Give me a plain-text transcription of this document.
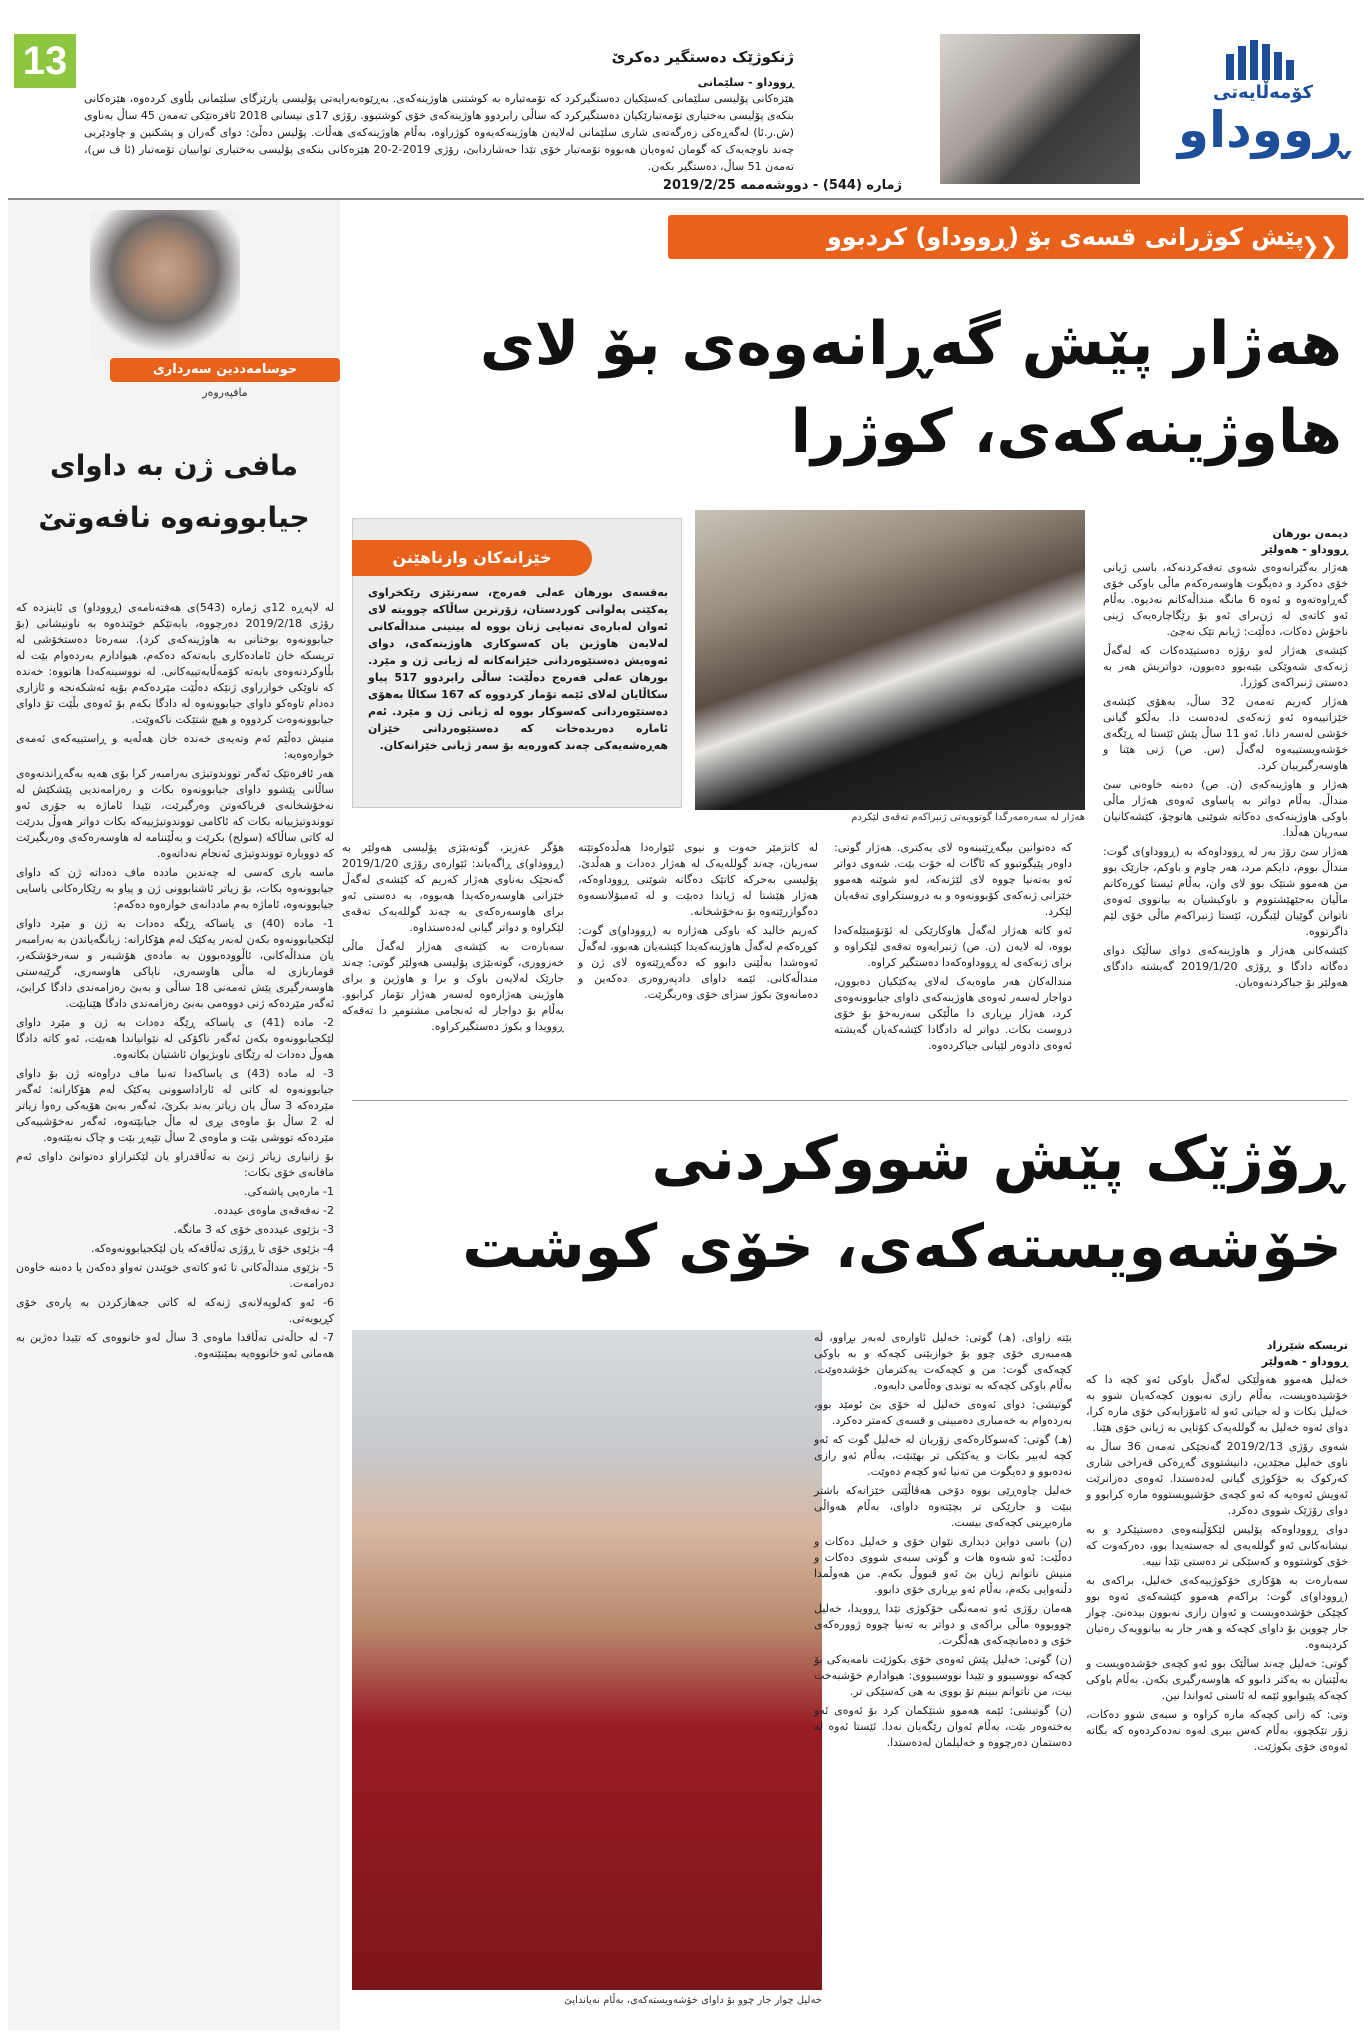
13
کۆمەڵایەتی
ڕووداو
ژمارە (544) - دووشەممە 2019/2/25
ژنکوژێک دەستگیر دەکرێ
ڕووداو - سلێمانی
هێزەکانی پۆلیسی سلێمانی کەسێکیان دەستگیرکرد کە تۆمەتبارە بە کوشتنی هاوژینەکەی. بەڕێوەبەرایەتی پۆلیسی پارێزگای سلێمانی بڵاوی کردەوە، هێزەکانی بنکەی پۆلیسی بەختیاری تۆمەتبارێکیان دەستگیرکرد کە ساڵی رابردوو هاوژینەکەی خۆی کوشتبوو. رۆژی 17ی نیسانی 2018 ئافرەتێکی تەمەن 45 ساڵ بەناوی (ش.ر.ئا) لەگەڕەکی زەرگەتەی شاری سلێمانی لەلایەن هاوژینەکەیەوە کوژراوە، بەڵام هاوژینەکەی هەڵات. پۆلیس دەڵێ: دوای گەران و پشکنین و چاودێریی چەند ناوچەیەک کە گومان ئەوەیان ھەبووە تۆمەتبار خۆی تێدا حەشاردابێ، رۆژی 2019-2-20 هێزەکانی بنکەی پۆلیسی بەختیاری توانییان تۆمەتبار (ئا ف س)، تەمەن 51 ساڵ، دەستگیر بکەن.
حوسامەددین سەرداری
مافپەروەر
مافی ژن بە داوای جیابوونەوە نافەوتێ

لە لاپەڕە 12ی ژمارە (543)ی هەفتەنامەی (ڕووداو) ی ئاینزدە کە رۆژی 2019/2/18 دەرچووە، بابەتێکم خوێندەوە بە ناونیشانی (بۆ جیابوونەوە بوختانی بە هاوژینەکەی کرد). سەرەتا دەستخۆشی لە تریسکە خان ئامادەکاری بابەتەکە دەکەم، هیوادارم بەردەوام بێت لە بڵاوکردنەوەی بابەتە کۆمەڵایەتییەکانی. لە نووسینەکەدا هاتووە: خەندە کە ناوێکی خوازراوی ژنێکە دەڵێت مێردەکەم بۆیە ئەشکەنجە و ئازاری دەدام تاوەکو داوای جیابوونەوە لە دادگا بکەم بۆ ئەوەی بڵێت تۆ داوای جیابوونەوەت کردووە و هیچ شتێکت ناکەوێت.

منیش دەڵێم ئەم وتەیەی خەندە خان هەڵەیە و ڕاستییەکەی ئەمەی خوارەوەیە:

هەر ئافرەتێک ئەگەر تووندوتیژی بەرامبەر کرا بۆی هەیە بەگەڕاندنەوەی ساڵانی پێشوو داوای جیابوونەوە بکات و رەزامەندیی پێشکێش لە نەخۆشخانەی فریاکەوتن وەرگیرێت، تێیدا ئاماژە بە جۆری ئەو تووندوتیژییانە بکات کە ئاکامی تووندوتیژییەکە بکات دواتر هەوڵ بدرێت لە کاتی ساڵاکە (سولح) بکرێت و بەڵێننامە لە هاوسەرەکەی وەربگیرێت کە دووبارە تووندوتیژی ئەنجام نەداتەوە.

ماسە باری کەسی لە چەندین ماددە ماف دەداتە ژن کە داوای جیابوونەوە بکات، بۆ زیاتر ئاشنابوونی ژن و پیاو بە رێکارەکانی یاسایی جیابوونەوە، ئاماژە بەم ماددانەی خوارەوە دەکەم:

1- مادە (40) ی یاساکە ڕێگە دەدات بە ژن و مێرد داوای لێکجیابوونەوە بکەن لەبەر یەکێک لەم هۆکارانە: زیانگەیاندن بە بەرامبەر یان منداڵەکانی، ئاڵوودەبوون بە مادەی هۆشبەر و سەرخۆشکەر، قوماربازی لە ماڵی هاوسەری، ناپاکی هاوسەری، گرێبەستی هاوسەرگیری پێش تەمەنی 18 ساڵی و بەبێ رەزامەندی دادگا کرابێ، ئەگەر مێردەکە ژنی دووەمی بەبێ رەزامەندی دادگا هێنابێت.

2- مادە (41) ی یاساکە ڕێگە دەدات بە ژن و مێرد داوای لێکجیابوونەوە بکەن ئەگەر ناکۆکی لە نێوانیاندا هەبێت، ئەو کاتە دادگا هەوڵ دەدات لە رێگای ناوبژیوان ئاشتیان بکاتەوە.

3- لە مادە (43) ی یاساکەدا تەنیا ماف دراوەتە ژن بۆ داوای جیابوونەوە لە کاتی لە ئاراداسوونی یەکێک لەم هۆکارانە: ئەگەر مێردەکە 3 ساڵ یان زیاتر بەند بکرێ، ئەگەر بەبێ هۆیەکی رەوا زیاتر لە 2 ساڵ بۆ ماوەی بڕی لە ماڵ جیابێتەوە، ئەگەر نەخۆشییەکی مێردەکە تووشی بێت و ماوەی 2 ساڵ تێپەڕ بێت و چاک نەبێتەوە.

بۆ زانیاری زیاتر ژنێ بە تەڵاقدراو یان لێکترازاو دەتوانێ داوای ئەم مافانەی خۆی بکات:

1- مارەیی پاشەکی.

2- نەفەقەی ماوەی عیددە.

3- بژێوی عیددەی خۆی کە 3 مانگە.

4- بژێوی خۆی تا ڕۆژی تەڵاقەکە یان لێکجیابوونەوەکە.

5- بژێوی منداڵەکانی تا ئەو کاتەی خوێندن تەواو دەکەن یا دەبنە خاوەن دەرامەت.

6- ئەو کەلوپەلانەی ژنەکە لە کاتی جەهازکردن بە پارەی خۆی کڕیویەتی.

7- لە حاڵەتی تەڵاقدا ماوەی 3 ساڵ لەو خانووەی کە تێیدا دەژین بە هەمانی ئەو خانووەیە بمێنێتەوە.

❮❮
پێش کوژرانی قسەی بۆ (ڕووداو) کردبوو
هەژار پێش گەڕانەوەی بۆ لای هاوژینەکەی، کوژرا
هەژار لە سەرەمەرگدا گوتوویەتی ژنبراکەم تەقەی لێکردم
خێزانەکان وازناهێنن
بەقسەی بورهان عەلی فەرەج، سەرتێزی رێکخراوی یەکێتی پەلوانی کوردستان، زۆرترین ساڵاکە چوویتە لای ئەوان لەبارەی تەنیایی ژنان بووە لە بینینی منداڵەکانی لەلایەن هاوژین یان کەسوکاری هاوژینەکەی، دوای ئەوەیش دەستێوەردانی خێزانەکانە لە ژیانی ژن و مێرد. بورهان عەلی فەرەج دەڵێت: ساڵی رابردوو 517 پیاو سکاڵایان لەلای ئێمە تۆمار کردووە کە 167 سکاڵا بەهۆی دەستێوەردانی کەسوکار بووە لە ژیانی ژن و مێرد. ئەم ئامارە دەریدەخات کە دەستێوەردانی خێزان هەڕەشەیەکی چەند کەورەیە بۆ سەر ژیانی خێزانەکان.
دیمەن بورهان
ڕووداو - هەولێر

هەژار بەگێرانەوەی شەوی تەقەکردنەکە، باسی ژیانی خۆی دەکرد و دەیگوت هاوسەرەکەم ماڵی باوکی خۆی گەڕاوەتەوە و ئەوە 6 مانگە منداڵەکانم نەدیوە. بەڵام ئەو کاتەی لە ژن‌برای ئەو بۆ رێگاچارەیەک ژینی ناخۆش دەکات، دەڵێت: ژیانم تێک نەچێ.

کێشەی هەژار لەو رۆژە دەستپێدەکات کە لەگەڵ ژنەکەی شەوێکی بێبەبوو دەبوون، دواتریش هەر بە دەستی ژنبراکەی کوژرا.

هەژار کەریم تەمەن 32 ساڵ، بەهۆی کێشەی خێزانییەوە ئەو ژنەکەی لەدەست دا. بەڵکو گیانی خۆشی لەسەر دانا. ئەو 11 ساڵ پێش ئێستا لە ڕێگەی خۆشەویستییەوە لەگەڵ (س. ص) ژنی هێنا و هاوسەرگیرییان کرد.

هەژار و هاوژینەکەی (ن. ص) دەبنە خاوەنی سێ منداڵ. بەڵام دواتر بە پاساوی ئەوەی هەژار ماڵی باوکی هاوژینەکەی دەکاتە شوێنی هاتوچۆ، کێشەکانیان سەریان هەڵدا.

هەژار سێ رۆژ بەر لە ڕووداوەکە بە (ڕووداو)ی گوت: منداڵ بووم، دایکم مرد، هەر چاوم و باوکم، جارێک بوو من هەموو شتێک بوو لای وان، بەڵام ئیستا کوڕەکانم ماڵیان بەجێهێشتووم و باوکیشیان بە بیانووی ئەوەی ناتوانن گوێیان لێبگرن، ئێستا ژنبراکەم ماڵی خۆی لێم داگرتووە.

کێشەکانی هەژار و هاوژینەکەی دوای ساڵێک دوای دەگاتە دادگا و ڕۆژی 2019/1/20 گەیشتە دادگای هەولێر بۆ جیاکردنەوەیان.

کە دەتوانین بیگەڕێنینەوە لای یەکتری. هەژار گوتی: داوەر پێیگوتبوو کە ئاگات لە خۆت بێت. شەوی دواتر ئەو بەتەنیا چووە لای لێژنەکە، لەو شوێنە هەموو خێزانی ژنەکەی کۆبوونەوە و بە دروستکراوی تەقەیان لێکرد.

ئەو کاتە هەژار لەگەڵ هاوکارێکی لە ئۆتۆمبێلەکەدا بووە، لە لایەن (ن. ص) ژنبرایەوە تەقەی لێکراوە و برای ژنەکەی لە ڕووداوەکەدا دەستگیر کراوە.

مندالەکان هەر ماوەیەک لەلای یەکێکیان دەبوون، دواجار لەسەر ئەوەی هاوژینەکەی داوای جیابوونەوەی کرد، هەژار بڕیاری دا ماڵێکی سەربەخۆ بۆ خۆی دروست بکات. دواتر لە دادگادا کێشەکەیان گەیشتە ئەوەی دادوەر لێیانی جیاکردەوە.

لە کاتژمێر حەوت و نیوی ئێوارەدا هەڵدەکوتێتە سەریان، چەند گوللەیەک لە هەژار دەدات و هەڵدێ. پۆلیسی بەحرکە کاتێک دەگاتە شوێنی ڕووداوەکە، هەژار هێشتا لە ژیاندا دەبێت و لە ئەمبۆلانسەوە دەگوازرێتەوە بۆ نەخۆشخانە.

کەریم خالید کە باوکی هەژارە بە (ڕووداو)ی گوت: کوڕەکەم لەگەڵ هاوژینەکەیدا کێشەیان هەبوو، لەگەڵ ئەوەشدا بەڵێنی دابوو کە دەگەڕێتەوە لای ژن و منداڵەکانی. ئێمە داوای دادپەروەری دەکەین و دەمانەوێ بکوژ سزای خۆی وەربگرێت.

هۆگر عەزیز، گوتەبێژی پۆلیسی هەولێر بە (ڕووداو)ی ڕاگەیاند: ئێوارەی رۆژی 2019/1/20 گەنجێک بەناوی هەژار کەریم کە کێشەی لەگەڵ خێزانی هاوسەرەکەیدا هەبووە، بە دەستی ئەو برای هاوسەرەکەی بە چەند گوللەیەک تەقەی لێکراوە و دواتر گیانی لەدەستداوە.

سەبارەت بە کێشەی هەژار لەگەڵ ماڵی خەزووری، گوتەبێژی پۆلیسی هەولێر گوتی: چەند جارێک لەلایەن باوک و برا و هاوژین و برای هاوژینی هەژارەوە لەسەر هەژار تۆمار کرابوو. بەڵام بۆ دواجار لە ئەنجامی مشتومڕ دا تەقەکە ڕوویدا و بکوژ دەستگیرکراوە.

ڕۆژێک پێش شووکردنی خۆشەویستەکەی، خۆی کوشت
خەلیل چوار جار چوو بۆ داوای خۆشەویستەکەی، بەڵام نەیاندایێ
تریسکە شێرزاد
ڕووداو - هەولێر

خەلیل هەموو هەوڵێکی لەگەڵ باوکی ئەو کچە دا کە خۆشیدەویست، بەڵام رازی نەبوون کچەکەیان شوو بە خەلیل بکات و لە جیاتی ئەو لە ئامۆزایەکی خۆی مارە کرا، دوای ئەوە خەلیل بە گوللەیەک کۆتایی بە ژیانی خۆی هێنا.

شەوی رۆژی 2019/2/13 گەنجێکی تەمەن 36 ساڵ بە ناوی خەلیل مجێدین، دانیشتووی گەڕەکی قەراخی شاری کەرکوک بە خۆکوژی گیانی لەدەستدا. ئەوەی دەزانرێت ئەویش ئەوەیە کە ئەو کچەی خۆشیویستووە مارە کرابوو و دوای رۆژێک شووی دەکرد.

دوای ڕووداوەکە پۆلیس لێکۆڵینەوەی دەستپێکرد و بە نیشانەکانی ئەو گوللەیەی لە جەستەیدا بوو، دەرکەوت کە خۆی کوشتووە و کەسێکی تر دەستی تێدا نییە.

سەبارەت بە هۆکاری خۆکوژییەکەی خەلیل، براکەی بە (ڕووداو)ی گوت: براکەم هەموو کێشەکەی ئەوە بوو کچێکی خۆشدەویست و ئەوان رازی نەبوون بیدەنێ. چوار جار چووین بۆ داوای کچەکە و هەر جار بە بیانوویەک رەتیان کردینەوە.

گوتی: خەلیل چەند ساڵێک بوو ئەو کچەی خۆشدەویست و بەڵێنیان بە یەکتر دابوو کە هاوسەرگیری بکەن. بەڵام باوکی کچەکە پێیوابوو ئێمە لە ئاستی ئەواندا نین.

وتی: کە زانی کچەکە مارە کراوە و سبەی شوو دەکات، زۆر تێکچوو، بەڵام کەس بیری لەوە نەدەکردەوە کە بگاتە ئەوەی خۆی بکوژێت.

بێتە زاوای. (هـ) گوتی: خەلیل ئاوارەی لەبەر بڕاوو، لە هەمبەری خۆی چوو بۆ خوازبێنی کچەکە و بە باوکی کچەکەی گوت: من و کچەکەت یەکترمان خۆشدەوێت. بەڵام باوکی کچەکە بە توندی وەڵامی دایەوە.

گوتیشی: دوای ئەوەی خەلیل لە خۆی بێ ئومێد بوو، بەردەوام بە خەمباری دەمبینی و قسەی کەمتر دەکرد.

(هـ) گوتی: کەسوکارەکەی زۆریان لە خەلیل گوت کە ئەو کچە لەبیر بکات و یەکێکی تر بهێنێت، بەڵام ئەو رازی نەدەبوو و دەیگوت من تەنیا ئەو کچەم دەوێت.

خەلیل چاوەڕێی بووە دۆخی هەڤاڵێتی خێزانەکە باشتر ببێت و جارێکی تر بچێتەوە داوای، بەڵام هەواڵی مارەبڕینی کچەکەی بیست.

(ن) باسی دواین دیداری نێوان خۆی و خەلیل دەکات و دەڵێت: ئەو شەوە هات و گوتی سبەی شووی دەکات و منیش ناتوانم ژیان بێ ئەو قبووڵ بکەم. من هەوڵمدا دڵنەوایی بکەم، بەڵام ئەو بڕیاری خۆی دابوو.

هەمان رۆژی ئەو تەمەنگی خۆکوژی تێدا ڕوویدا، خەلیل چووبووە ماڵی براکەی و دواتر بە تەنیا چووە ژوورەکەی خۆی و دەمانچەکەی هەڵگرت.

(ن) گوتی: خەلیل پێش ئەوەی خۆی بکوژێت نامەیەکی بۆ کچەکە نووسیبوو و تێیدا نووسیبووی: هیوادارم خۆشبەخت بیت، من ناتوانم ببینم تۆ بووی بە هی کەسێکی تر.

(ن) گوتیشی: ئێمە هەموو شتێکمان کرد بۆ ئەوەی ئەو بەختەوەر بێت، بەڵام ئەوان رێگەیان نەدا. ئێستا ئەوە لە دەستمان دەرچووە و خەلیلمان لەدەستدا.
